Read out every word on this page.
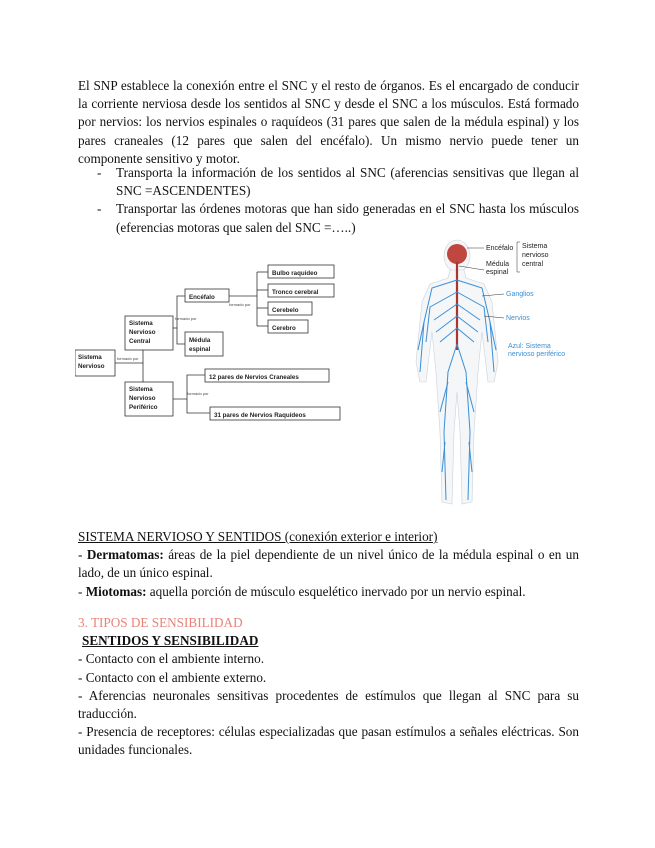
El SNP establece la conexión entre el SNC y el resto de órganos. Es el encargado de conducir la corriente nerviosa desde los sentidos al SNC y desde el SNC a los músculos. Está formado por nervios: los nervios espinales o raquídeos (31 pares que salen de la médula espinal) y los pares craneales (12 pares que salen del encéfalo). Un mismo nervio puede tener un componente sensitivo y motor.

- Transporta la información de los sentidos al SNC (aferencias sensitivas que llegan al SNC =ASCENDENTES)
- Transportar las órdenes motoras que han sido generadas en el SNC hasta los músculos (eferencias motoras que salen del SNC =…..)
Sistema
Nervioso
Sistema
Nervioso
Central
Sistema
Nervioso
Periférico
Encéfalo
Médula
espinal
Bulbo raquídeo
Tronco cerebral
Cerebelo
Cerebro
12 pares de Nervios Craneales
31 pares de Nervios Raquídeos
formado por
formado por
formado por
formado por
Encéfalo
Médula
espinal
Sistema
nervioso
central
Ganglios
Nervios
Azul: Sistema
nervioso periférico
SISTEMA NERVIOSO Y SENTIDOS (conexión exterior e interior)
- Dermatomas: áreas de la piel dependiente de un nivel único de la médula espinal o en un lado, de un único espinal.
- Miotomas: aquella porción de músculo esquelético inervado por un nervio espinal.
3. TIPOS DE SENSIBILIDAD
SENTIDOS Y SENSIBILIDAD
- Contacto con el ambiente interno.
- Contacto con el ambiente externo.
- Aferencias neuronales sensitivas procedentes de estímulos que llegan al SNC para su traducción.
- Presencia de receptores: células especializadas que pasan estímulos a señales eléctricas. Son unidades funcionales.
